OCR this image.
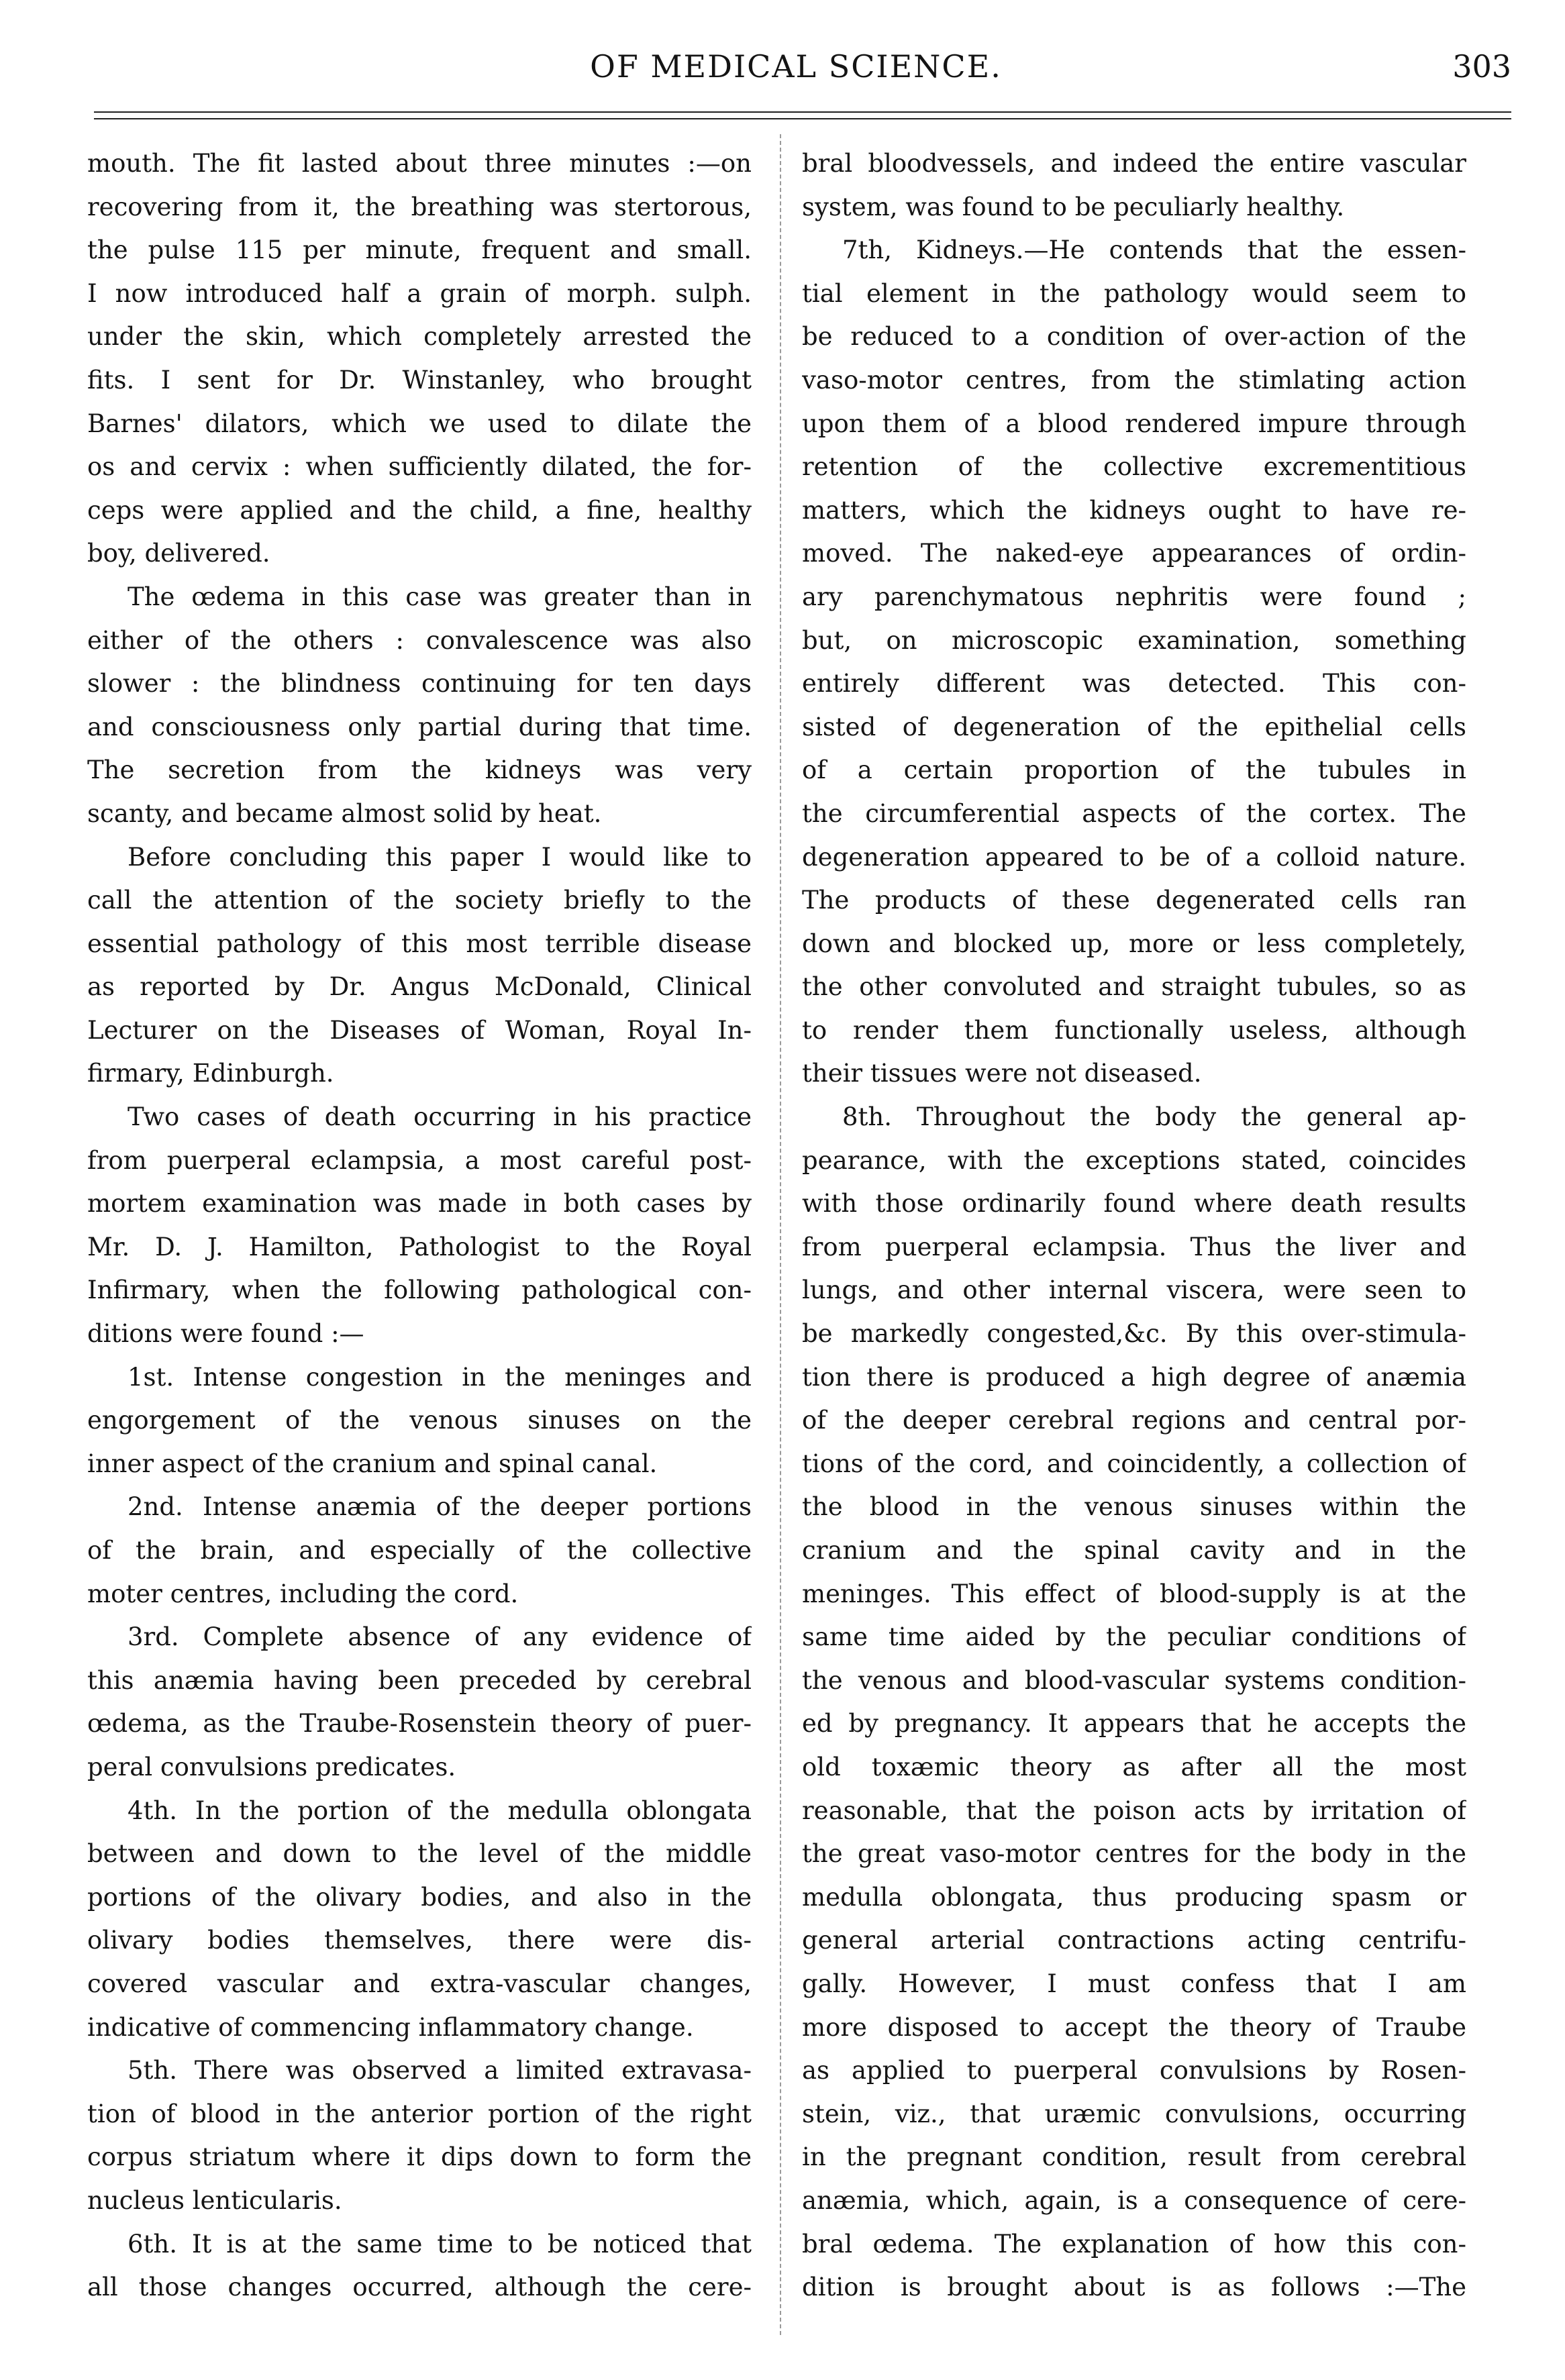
OF MEDICAL SCIENCE.	303
mouth. The fit lasted about three minutes :—on
recovering from it, the breathing was stertorous,
the pulse 115 per minute, frequent and small.
I now introduced half a grain of morph. sulph.
under the skin, which completely arrested the
fits. I sent for Dr. Winstanley, who brought
Barnes' dilators, which we used to dilate the
os and cervix : when sufficiently dilated, the for-
ceps were applied and the child, a fine, healthy
boy, delivered.
The œdema in this case was greater than in
either of the others : convalescence was also
slower : the blindness continuing for ten days
and consciousness only partial during that time.
The secretion from the kidneys was very
scanty, and became almost solid by heat.
Before concluding this paper I would like to
call the attention of the society briefly to the
essential pathology of this most terrible disease
as reported by Dr. Angus McDonald, Clinical
Lecturer on the Diseases of Woman, Royal In-
firmary, Edinburgh.
Two cases of death occurring in his practice
from puerperal eclampsia, a most careful post-
mortem examination was made in both cases by
Mr. D. J. Hamilton, Pathologist to the Royal
Infirmary, when the following pathological con-
ditions were found :—
1st. Intense congestion in the meninges and
engorgement of the venous sinuses on the
inner aspect of the cranium and spinal canal.
2nd. Intense anæmia of the deeper portions
of the brain, and especially of the collective
moter centres, including the cord.
3rd. Complete absence of any evidence of
this anæmia having been preceded by cerebral
œdema, as the Traube-Rosenstein theory of puer-
peral convulsions predicates.
4th. In the portion of the medulla oblongata
between and down to the level of the middle
portions of the olivary bodies, and also in the
olivary bodies themselves, there were dis-
covered vascular and extra-vascular changes,
indicative of commencing inflammatory change.
5th. There was observed a limited extravasa-
tion of blood in the anterior portion of the right
corpus striatum where it dips down to form the
nucleus lenticularis.
6th. It is at the same time to be noticed that
all those changes occurred, although the cere-
bral bloodvessels, and indeed the entire vascular
system, was found to be peculiarly healthy.
7th, Kidneys.—He contends that the essen-
tial element in the pathology would seem to
be reduced to a condition of over-action of the
vaso-motor centres, from the stimlating action
upon them of a blood rendered impure through
retention of the collective excrementitious
matters, which the kidneys ought to have re-
moved. The naked-eye appearances of ordin-
ary parenchymatous nephritis were found ;
but, on microscopic examination, something
entirely different was detected. This con-
sisted of degeneration of the epithelial cells
of a certain proportion of the tubules in
the circumferential aspects of the cortex. The
degeneration appeared to be of a colloid nature.
The products of these degenerated cells ran
down and blocked up, more or less completely,
the other convoluted and straight tubules, so as
to render them functionally useless, although
their tissues were not diseased.
8th. Throughout the body the general ap-
pearance, with the exceptions stated, coincides
with those ordinarily found where death results
from puerperal eclampsia. Thus the liver and
lungs, and other internal viscera, were seen to
be markedly congested,&c. By this over-stimula-
tion there is produced a high degree of anæmia
of the deeper cerebral regions and central por-
tions of the cord, and coincidently, a collection of
the blood in the venous sinuses within the
cranium and the spinal cavity and in the
meninges. This effect of blood-supply is at the
same time aided by the peculiar conditions of
the venous and blood-vascular systems condition-
ed by pregnancy. It appears that he accepts the
old toxæmic theory as after all the most
reasonable, that the poison acts by irritation of
the great vaso-motor centres for the body in the
medulla oblongata, thus producing spasm or
general arterial contractions acting centrifu-
gally. However, I must confess that I am
more disposed to accept the theory of Traube
as applied to puerperal convulsions by Rosen-
stein, viz., that uræmic convulsions, occurring
in the pregnant condition, result from cerebral
anæmia, which, again, is a consequence of cere-
bral œdema. The explanation of how this con-
dition is brought about is as follows :—The
